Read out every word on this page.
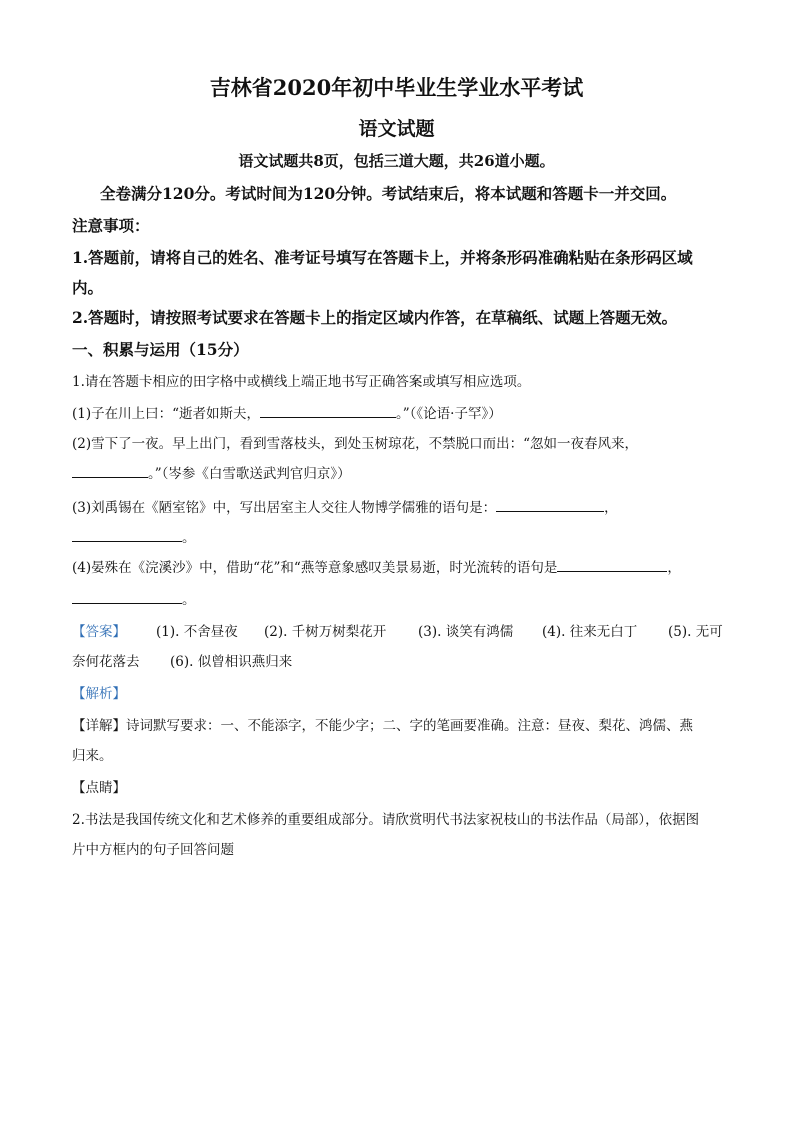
吉林省2020年初中毕业生学业水平考试
语文试题
语文试题共8页，包括三道大题，共26道小题。
全卷满分120分。考试时间为120分钟。考试结束后，将本试题和答题卡一并交回。
注意事项：
1.答题前，请将自己的姓名、准考证号填写在答题卡上，并将条形码准确粘贴在条形码区域
内。
2.答题时，请按照考试要求在答题卡上的指定区域内作答，在草稿纸、试题上答题无效。
一、积累与运用（15分）
1.请在答题卡相应的田字格中或横线上端正地书写正确答案或填写相应选项。
(1)子在川上曰：“逝者如斯夫，	。”（《论语·子罕》）
(2)雪下了一夜。早上出门，看到雪落枝头，到处玉树琼花，不禁脱口而出：“忽如一夜春风来，
。”（岑参《白雪歌送武判官归京》）
(3)刘禹锡在《陋室铭》中，写出居室主人交往人物博学儒雅的语句是：	，
。
(4)晏殊在《浣溪沙》中，借助“花”和“燕等意象感叹美景易逝，时光流转的语句是	，
。
【答案】 (1). 不舍昼夜 (2). 千树万树梨花开 (3). 谈笑有鸿儒 (4). 往来无白丁 (5). 无可
奈何花落去 (6). 似曾相识燕归来
【解析】
【详解】诗词默写要求：一、不能添字，不能少字；二、字的笔画要准确。注意：昼夜、梨花、鸿儒、燕
归来。
【点睛】
2.书法是我国传统文化和艺术修养的重要组成部分。请欣赏明代书法家祝枝山的书法作品（局部），依据图
片中方框内的句子回答问题
